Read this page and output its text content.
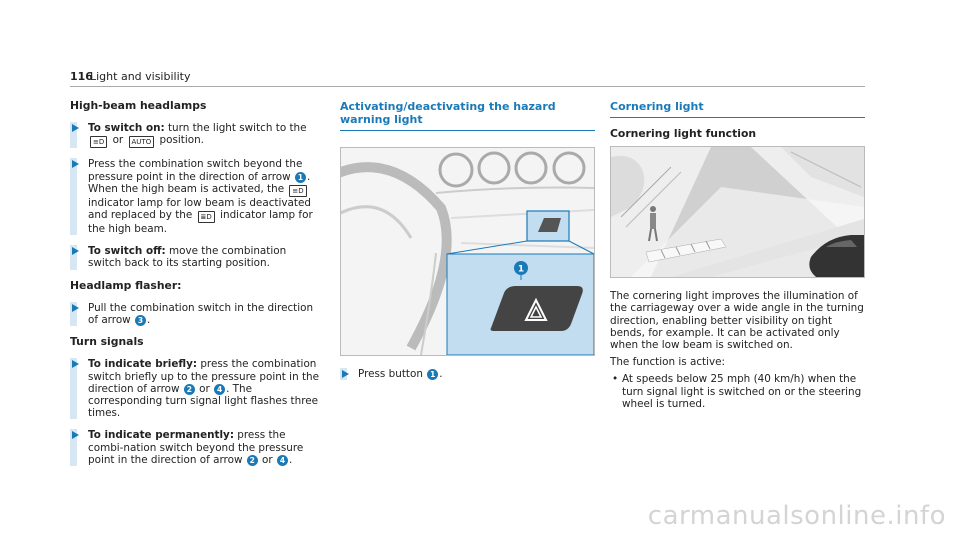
116
Light and visibility
High-beam headlamps
To switch on: turn the light switch to the
≡D or AUTO position.
Press the combination switch beyond the pressure point in the direction of arrow 1 . When the high beam is activated, the ≡D indicator lamp for low beam is deactivated and replaced by the ≣D indicator lamp for the high beam.
To switch off: move the combination switch back to its starting position.
Headlamp flasher:
Pull the combination switch in the direction of arrow 3 .
Turn signals
To indicate briefly: press the combination switch briefly up to the pressure point in the direction of arrow 2 or 4 . The corresponding turn signal light flashes three times.
To indicate permanently: press the combi-nation switch beyond the pressure point in the direction of arrow 2 or 4 .
Activating/deactivating the hazard warning light
1
Press button 1 .
Cornering light
Cornering light function
The cornering light improves the illumination of the carriageway over a wide angle in the turning direction, enabling better visibility on tight bends, for example. It can be activated only when the low beam is switched on.
The function is active:
• At speeds below 25 mph (40 km/h) when the turn signal light is switched on or the steering wheel is turned.
carmanualsonline.info
